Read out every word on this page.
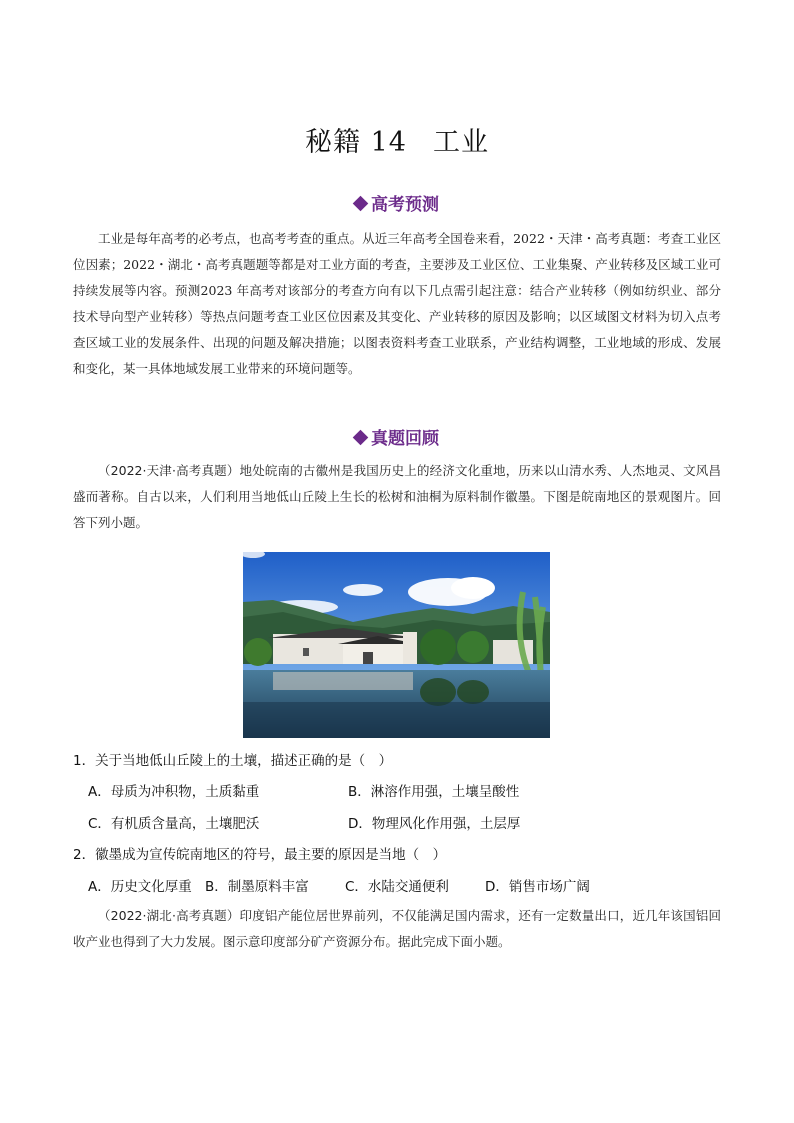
秘籍 14 工业
高考预测

工业是每年高考的必考点，也高考考查的重点。从近三年高考全国卷来看，2022・天津・高考真题：考查工业区位因素；2022・湖北・高考真题题等都是对工业方面的考查，主要涉及工业区位、工业集聚、产业转移及区域工业可持续发展等内容。预测2023 年高考对该部分的考查方向有以下几点需引起注意：结合产业转移（例如纺织业、部分技术导向型产业转移）等热点问题考查工业区位因素及其变化、产业转移的原因及影响；以区域图文材料为切入点考查区域工业的发展条件、出现的问题及解决措施；以图表资料考查工业联系，产业结构调整，工业地域的形成、发展和变化，某一具体地域发展工业带来的环境问题等。

真题回顾

（2022·天津·高考真题）地处皖南的古徽州是我国历史上的经济文化重地，历来以山清水秀、人杰地灵、文风昌盛而著称。自古以来，人们利用当地低山丘陵上生长的松树和油桐为原料制作徽墨。下图是皖南地区的景观图片。回答下列小题。

1．关于当地低山丘陵上的土壤，描述正确的是（　）
A．母质为冲积物，土质黏重	B．淋溶作用强，土壤呈酸性
C．有机质含量高，土壤肥沃	D．物理风化作用强，土层厚
2．徽墨成为宣传皖南地区的符号，最主要的原因是当地（　）
A．历史文化厚重 B．制墨原料丰富	C．水陆交通便利	D．销售市场广阔

（2022·湖北·高考真题）印度铝产能位居世界前列，不仅能满足国内需求，还有一定数量出口，近几年该国铝回收产业也得到了大力发展。图示意印度部分矿产资源分布。据此完成下面小题。
